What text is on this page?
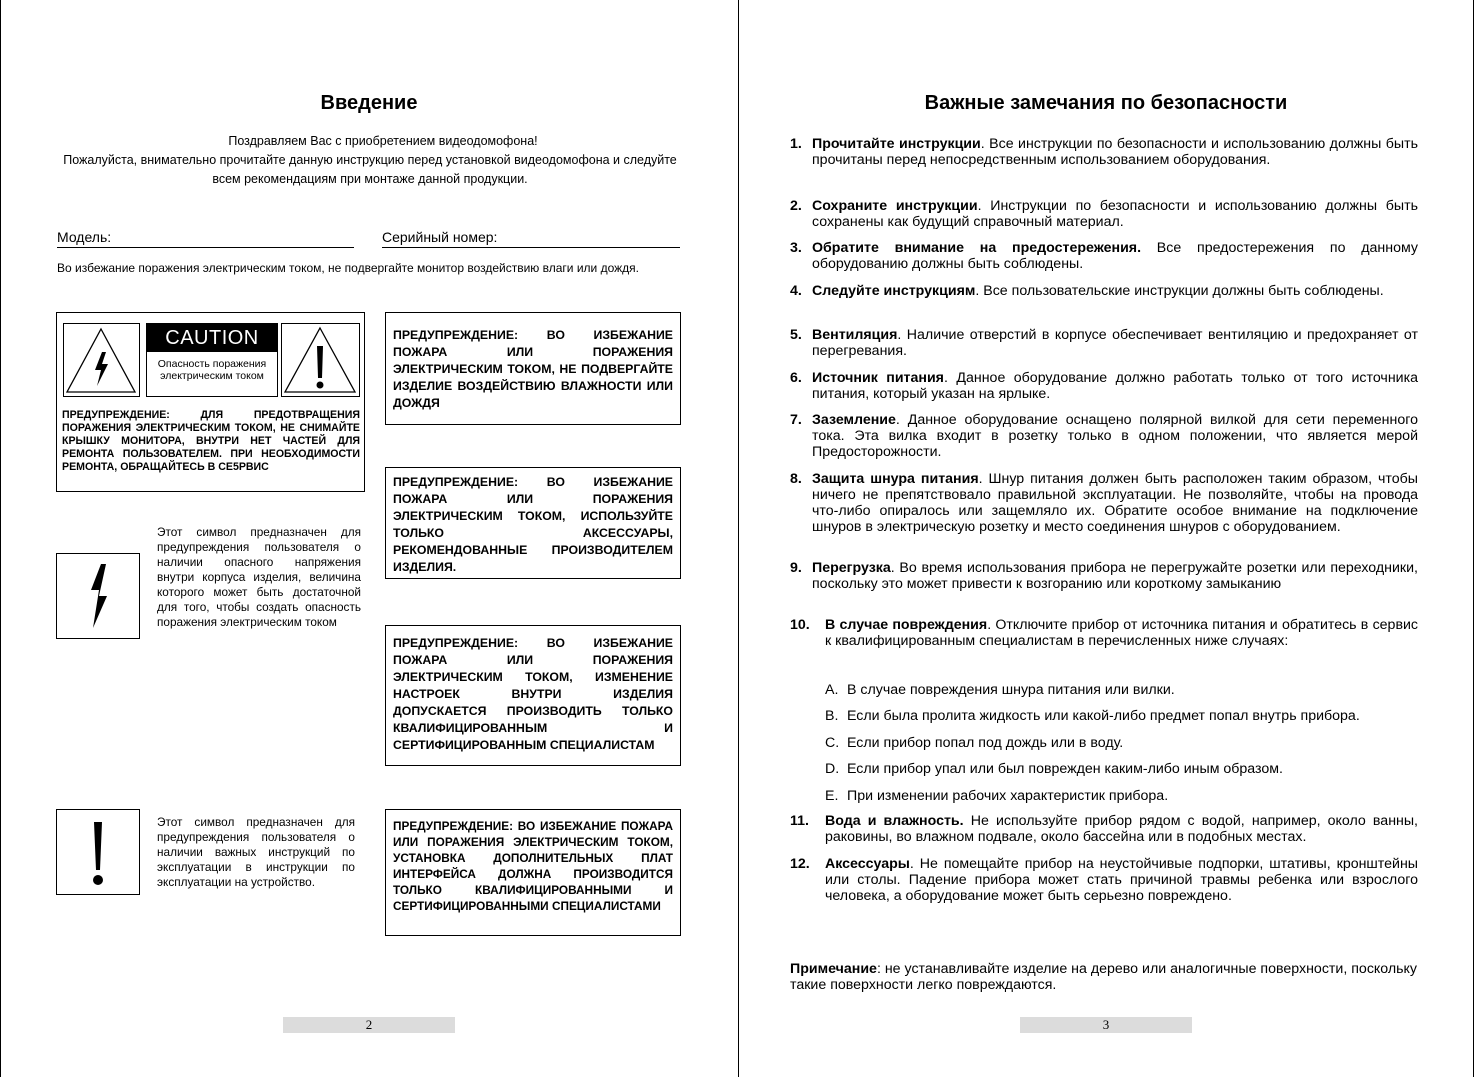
Введение
Поздравляем Вас с приобретением видеодомофона!
Пожалуйста, внимательно прочитайте данную инструкцию перед установкой видеодомофона и следуйте
всем рекомендациям при монтаже данной продукции.
Модель:	Серийный номер:
Во избежание поражения электрическим током, не подвергайте монитор воздействию влаги или дождя.
CAUTION
Опасность поражения электрическим током
ПРЕДУПРЕЖДЕНИЕ: ДЛЯ ПРЕДОТВРАЩЕНИЯ ПОРАЖЕНИЯ ЭЛЕКТРИЧЕСКИМ ТОКОМ, НЕ СНИМАЙТЕ КРЫШКУ МОНИТОРА, ВНУТРИ НЕТ ЧАСТЕЙ ДЛЯ РЕМОНТА ПОЛЬЗОВАТЕЛЕМ. ПРИ НЕОБХОДИМОСТИ РЕМОНТА, ОБРАЩАЙТЕСЬ В СЕ5РВИС
Этот символ предназначен для предупреждения пользователя о наличии опасного напряжения внутри корпуса изделия, величина которого может быть достаточной для того, чтобы создать опасность поражения электрическим током
Этот символ предназначен для предупреждения пользователя о наличии важных инструкций по эксплуатации в инструкции по эксплуатации на устройство.
ПРЕДУПРЕЖДЕНИЕ: ВО ИЗБЕЖАНИЕ ПОЖАРА ИЛИ ПОРАЖЕНИЯ ЭЛЕКТРИЧЕСКИМ ТОКОМ, НЕ ПОДВЕРГАЙТЕ ИЗДЕЛИЕ ВОЗДЕЙСТВИЮ ВЛАЖНОСТИ ИЛИ ДОЖДЯ
ПРЕДУПРЕЖДЕНИЕ: ВО ИЗБЕЖАНИЕ ПОЖАРА ИЛИ ПОРАЖЕНИЯ ЭЛЕКТРИЧЕСКИМ ТОКОМ, ИСПОЛЬЗУЙТЕ ТОЛЬКО АКСЕССУАРЫ, РЕКОМЕНДОВАННЫЕ ПРОИЗВОДИТЕЛЕМ ИЗДЕЛИЯ.
ПРЕДУПРЕЖДЕНИЕ: ВО ИЗБЕЖАНИЕ ПОЖАРА ИЛИ ПОРАЖЕНИЯ ЭЛЕКТРИЧЕСКИМ ТОКОМ, ИЗМЕНЕНИЕ НАСТРОЕК ВНУТРИ ИЗДЕЛИЯ ДОПУСКАЕТСЯ ПРОИЗВОДИТЬ ТОЛЬКО КВАЛИФИЦИРОВАННЫМ И СЕРТИФИЦИРОВАННЫМ СПЕЦИАЛИСТАМ
ПРЕДУПРЕЖДЕНИЕ: ВО ИЗБЕЖАНИЕ ПОЖАРА ИЛИ ПОРАЖЕНИЯ ЭЛЕКТРИЧЕСКИМ ТОКОМ, УСТАНОВКА ДОПОЛНИТЕЛЬНЫХ ПЛАТ ИНТЕРФЕЙСА ДОЛЖНА ПРОИЗВОДИТСЯ ТОЛЬКО КВАЛИФИЦИРОВАННЫМИ И СЕРТИФИЦИРОВАННЫМИ СПЕЦИАЛИСТАМИ
2
Важные замечания по безопасности
1. Прочитайте инструкции. Все инструкции по безопасности и использованию должны быть прочитаны перед непосредственным использованием оборудования.
2. Сохраните инструкции. Инструкции по безопасности и использованию должны быть сохранены как будущий справочный материал.
3. Обратите внимание на предостережения. Все предостережения по данному оборудованию должны быть соблюдены.
4. Следуйте инструкциям. Все пользовательские инструкции должны быть соблюдены.
5. Вентиляция. Наличие отверстий в корпусе обеспечивает вентиляцию и предохраняет от перегревания.
6. Источник питания. Данное оборудование должно работать только от того источника питания, который указан на ярлыке.
7. Заземление. Данное оборудование оснащено полярной вилкой для сети переменного тока. Эта вилка входит в розетку только в одном положении, что является мерой Предосторожности.
8. Защита шнура питания. Шнур питания должен быть расположен таким образом, чтобы ничего не препятствовало правильной эксплуатации. Не позволяйте, чтобы на провода что-либо опиралось или защемляло их. Обратите особое внимание на подключение шнуров в электрическую розетку и место соединения шнуров с оборудованием.
9. Перегрузка. Во время использования прибора не перегружайте розетки или переходники, поскольку это может привести к возгоранию или короткому замыканию
10. В случае повреждения. Отключите прибор от источника питания и обратитесь в сервис к квалифицированным специалистам в перечисленных ниже случаях:
11. Вода и влажность. Не используйте прибор рядом с водой, например, около ванны, раковины, во влажном подвале, около бассейна или в подобных местах.
12. Аксессуары. Не помещайте прибор на неустойчивые подпорки, штативы, кронштейны или столы. Падение прибора может стать причиной травмы ребенка или взрослого человека, а оборудование может быть серьезно повреждено.
A. В случае повреждения шнура питания или вилки.
B. Если была пролита жидкость или какой-либо предмет попал внутрь прибора.
C. Если прибор попал под дождь или в воду.
D. Если прибор упал или был поврежден каким-либо иным образом.
E. При изменении рабочих характеристик прибора.
Примечание: не устанавливайте изделие на дерево или аналогичные поверхности, поскольку такие поверхности легко повреждаются.
3
